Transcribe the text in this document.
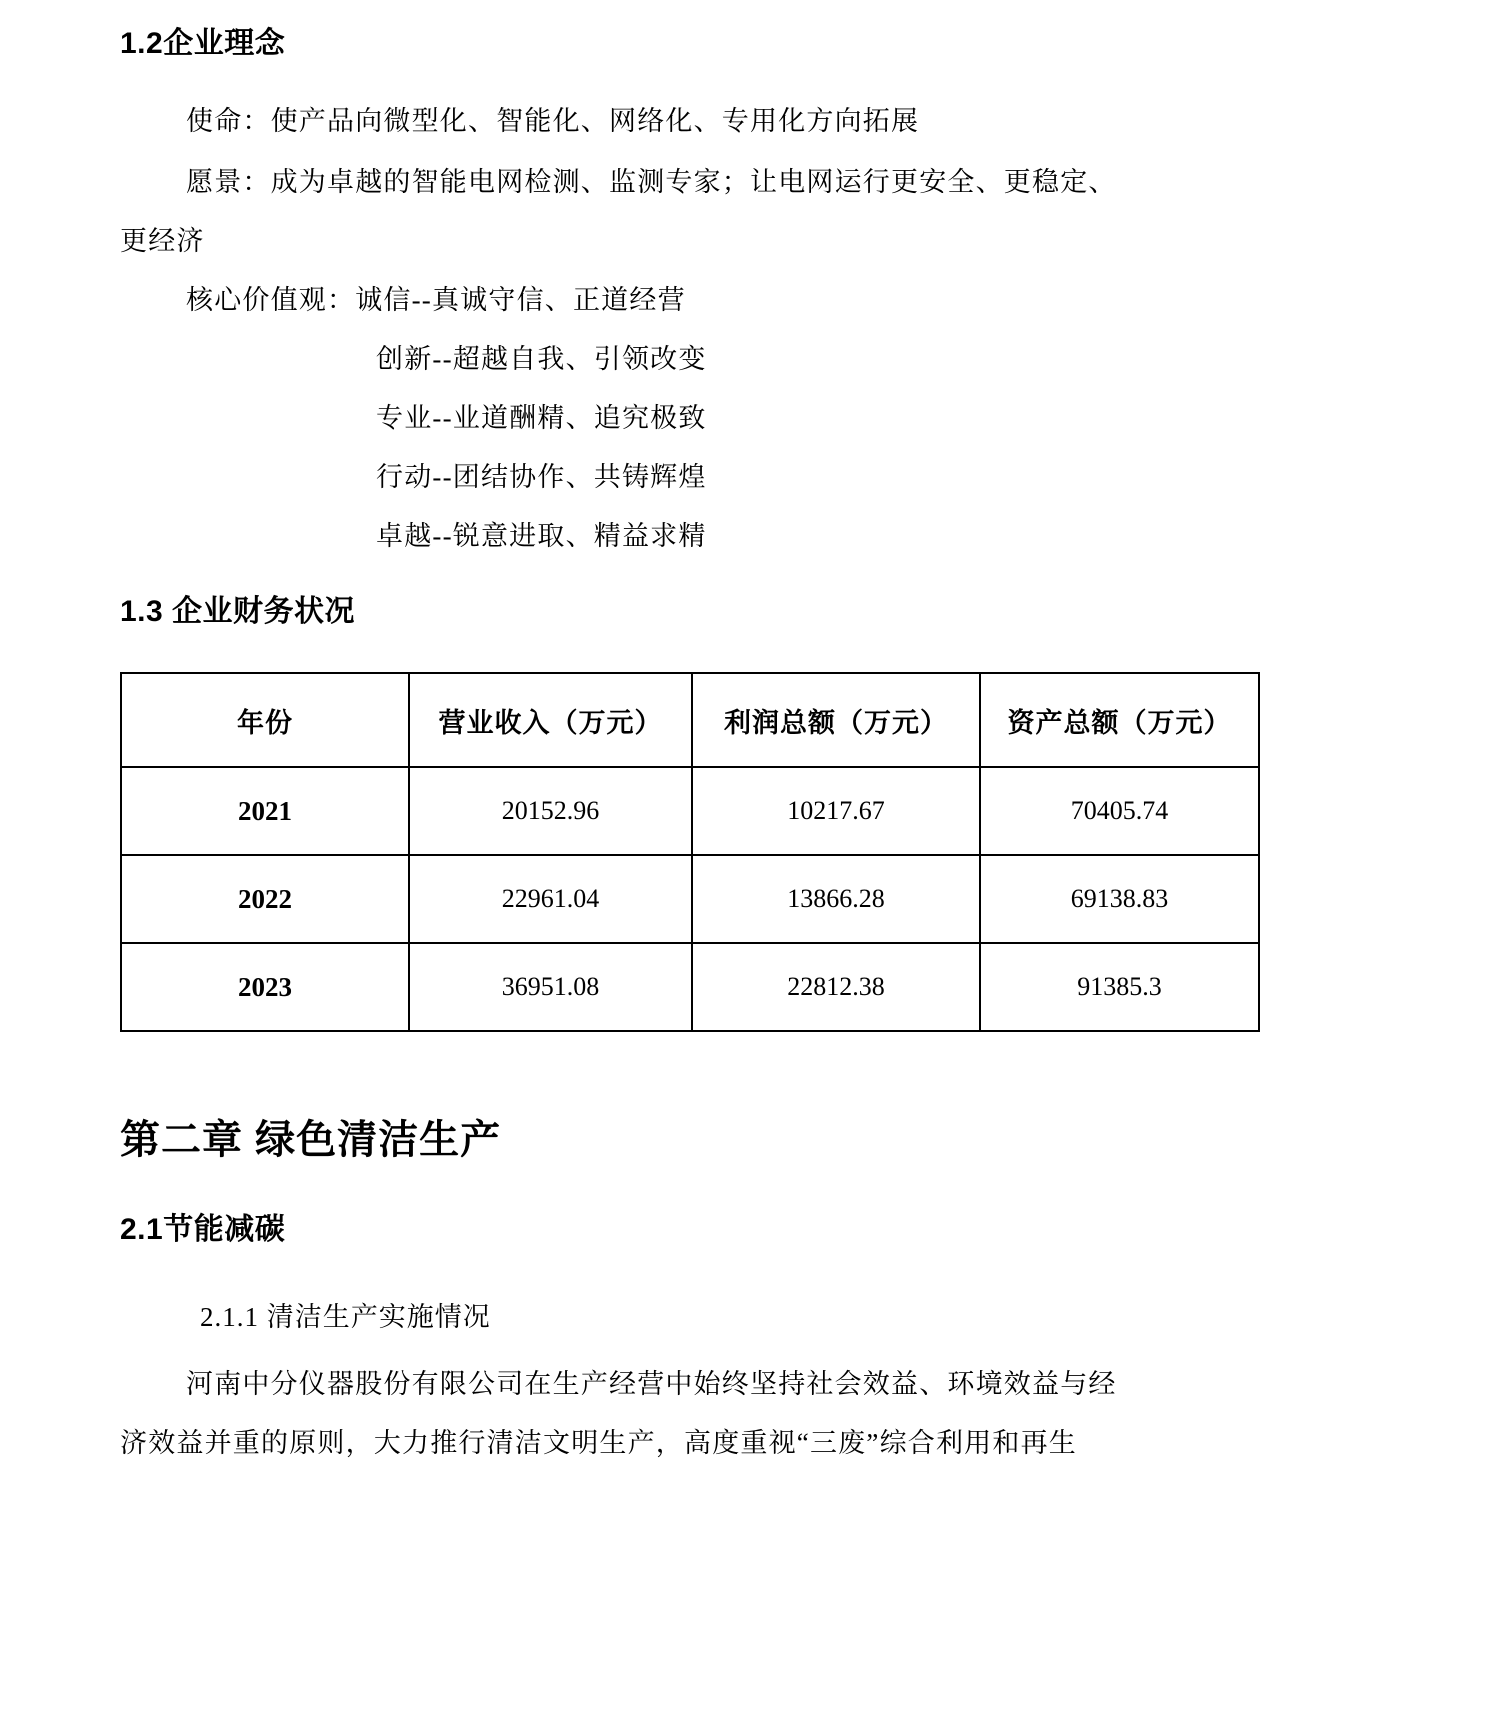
1.2企业理念

使命：使产品向微型化、智能化、网络化、专用化方向拓展

愿景：成为卓越的智能电网检测、监测专家；让电网运行更安全、更稳定、

更经济

核心价值观：诚信--真诚守信、正道经营

创新--超越自我、引领改变

专业--业道酬精、追究极致

行动--团结协作、共铸辉煌

卓越--锐意进取、精益求精

1.3 企业财务状况
年份	营业收入（万元）	利润总额（万元）	资产总额（万元）
2021	20152.96	10217.67	70405.74
2022	22961.04	13866.28	69138.83
2023	36951.08	22812.38	91385.3
第二章 绿色清洁生产
2.1节能减碳

2.1.1 清洁生产实施情况

河南中分仪器股份有限公司在生产经营中始终坚持社会效益、环境效益与经

济效益并重的原则，大力推行清洁文明生产，高度重视“三废”综合利用和再生
